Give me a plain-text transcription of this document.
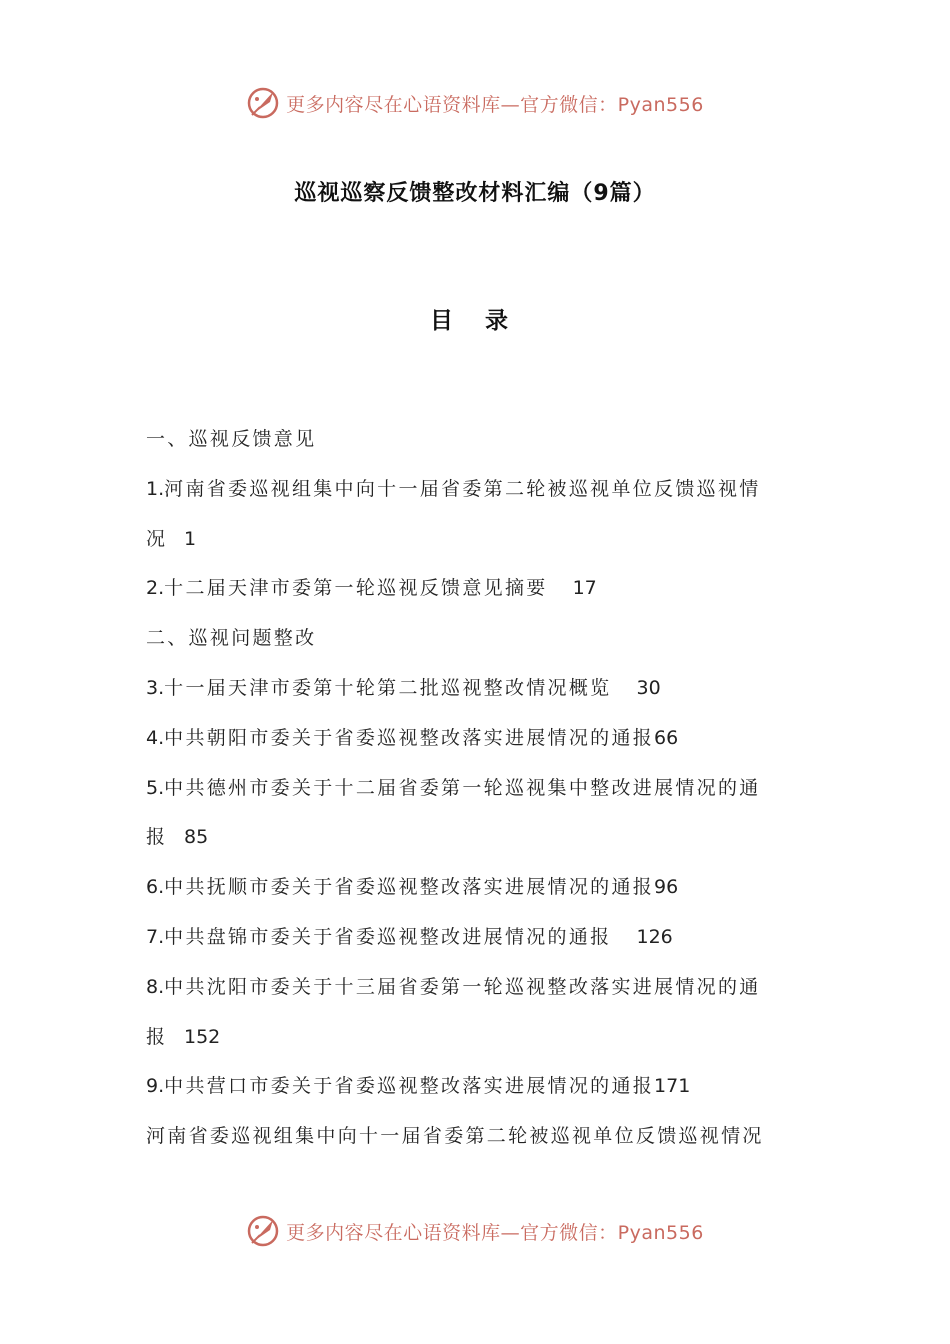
更多内容尽在心语资料库—官方微信：Pyan556
巡视巡察反馈整改材料汇编（9篇）
目 录
一、巡视反馈意见
1.河南省委巡视组集中向十一届省委第二轮被巡视单位反馈巡视情
况 1
2.十二届天津市委第一轮巡视反馈意见摘要 17
二、巡视问题整改
3.十一届天津市委第十轮第二批巡视整改情况概览 30
4.中共朝阳市委关于省委巡视整改落实进展情况的通报66
5.中共德州市委关于十二届省委第一轮巡视集中整改进展情况的通
报 85
6.中共抚顺市委关于省委巡视整改落实进展情况的通报96
7.中共盘锦市委关于省委巡视整改进展情况的通报 126
8.中共沈阳市委关于十三届省委第一轮巡视整改落实进展情况的通
报 152
9.中共营口市委关于省委巡视整改落实进展情况的通报171
河南省委巡视组集中向十一届省委第二轮被巡视单位反馈巡视情况
更多内容尽在心语资料库—官方微信：Pyan556
